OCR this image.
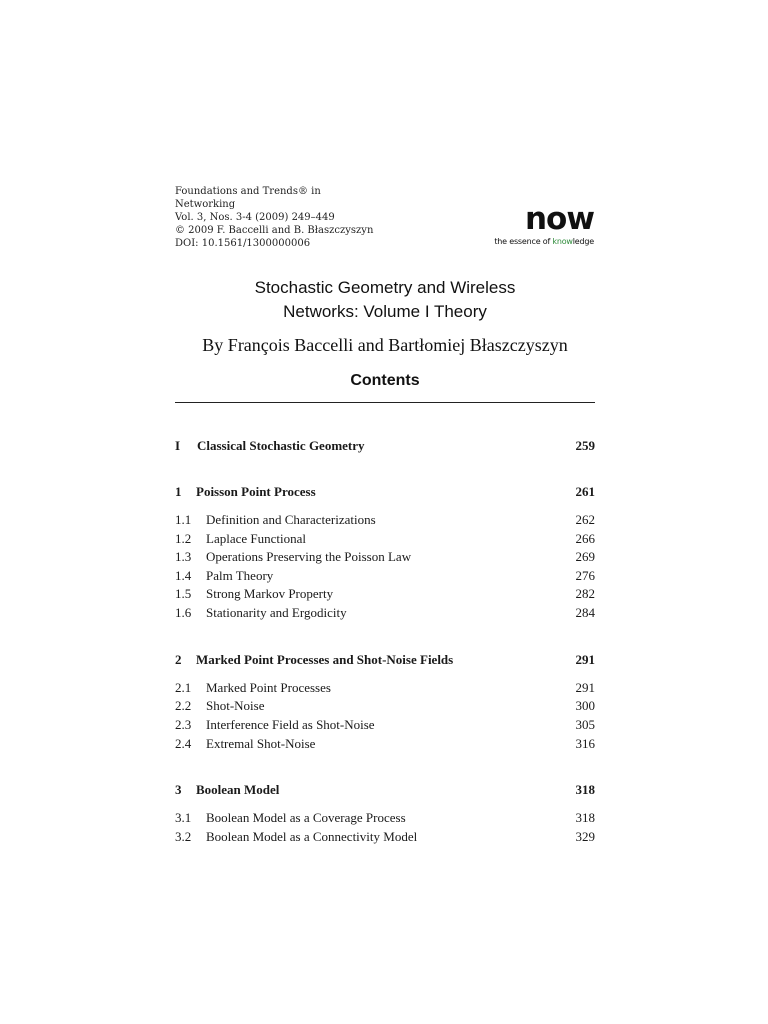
Foundations and Trends® in
Networking
Vol. 3, Nos. 3-4 (2009) 249–449
© 2009 F. Baccelli and B. Błaszczyszyn
DOI: 10.1561/1300000006
now
the essence of knowledge
Stochastic Geometry and Wireless
Networks: Volume I Theory
By François Baccelli and Bartłomiej Błaszczyszyn
Contents
I Classical Stochastic Geometry	259
1 Poisson Point Process	261
1.1 Definition and Characterizations	262
1.2 Laplace Functional	266
1.3 Operations Preserving the Poisson Law	269
1.4 Palm Theory	276
1.5 Strong Markov Property	282
1.6 Stationarity and Ergodicity	284
2 Marked Point Processes and Shot-Noise Fields	291
2.1 Marked Point Processes	291
2.2 Shot-Noise	300
2.3 Interference Field as Shot-Noise	305
2.4 Extremal Shot-Noise	316
3 Boolean Model	318
3.1 Boolean Model as a Coverage Process	318
3.2 Boolean Model as a Connectivity Model	329
